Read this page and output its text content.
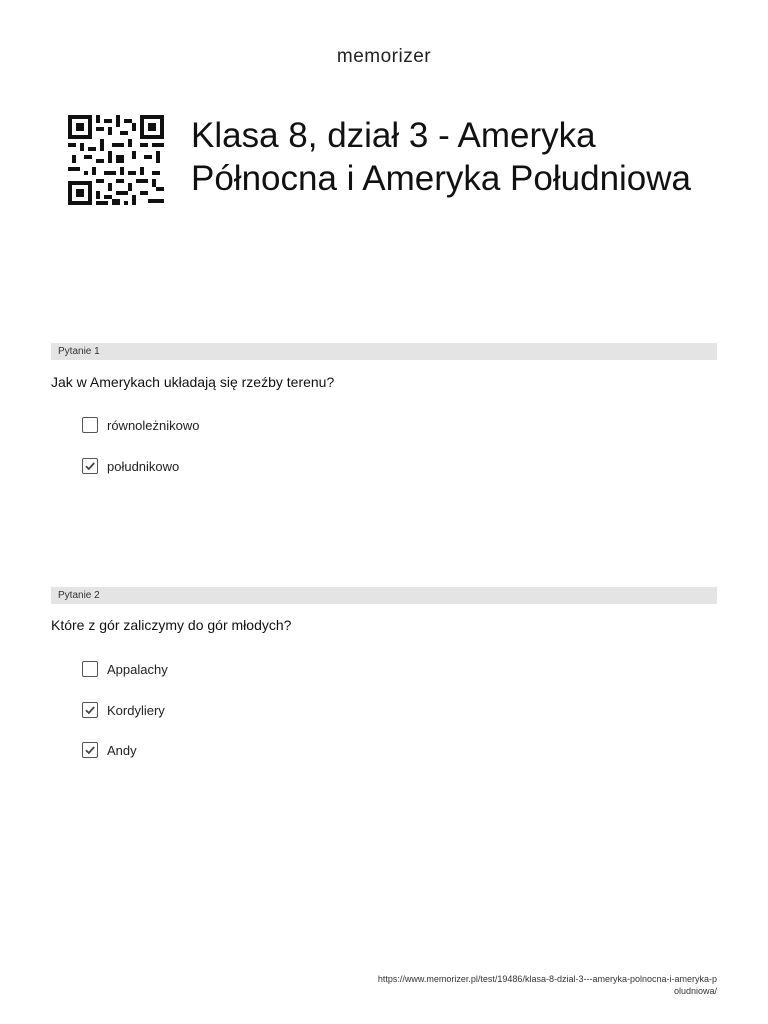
memorizer
Klasa 8, dział 3 - Ameryka Północna i Ameryka Południowa
Pytanie 1
Jak w Amerykach układają się rzeźby terenu?
równoleżnikowo
południkowo
Pytanie 2
Które z gór zaliczymy do gór młodych?
Appalachy
Kordyliery
Andy
https://www.memorizer.pl/test/19486/klasa-8-dzial-3---ameryka-polnocna-i-ameryka-poludniowa/
